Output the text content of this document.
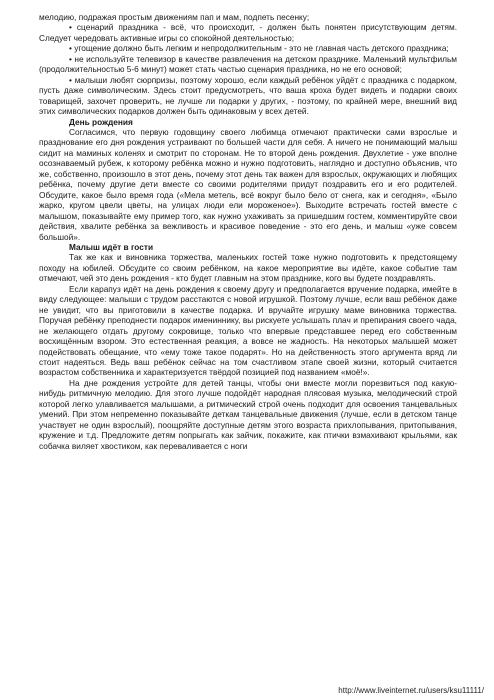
мелодию, подражая простым движениям пап и мам, подпеть песенку;

• сценарий праздника - всё, что происходит, - должен быть понятен присутствующим детям. Следует чередовать активные игры со спокойной деятельностью;

• угощение должно быть легким и непродолжительным - это не главная часть детского праздника;

• не используйте телевизор в качестве развлечения на детском празднике. Маленький мультфильм (продолжительностью 5-6 минут) может стать частью сценария праздника, но не его основой;

• малыши любят сюрпризы, поэтому хорошо, если каждый ребёнок уйдёт с праздника с подарком, пусть даже символическим. Здесь стоит предусмотреть, что ваша кроха будет видеть и подарки своих товарищей, захочет проверить, не лучше ли подарки у других, - поэтому, по крайней мере, внешний вид этих символических подарков должен быть одинаковым у всех детей.

День рождения

Согласимся, что первую годовщину своего любимца отмечают практически сами взрослые и празднование его дня рождения устраивают по большей части для себя. А ничего не понимающий малыш сидит на маминых коленях и смотрит по сторонам. Не то второй день рождения. Двухлетие - уже вполне осознаваемый рубеж, к которому ребёнка можно и нужно подготовить, наглядно и доступно объяснив, что же, собственно, произошло в этот день, почему этот день так важен для взрослых, окружающих и любящих ребёнка, почему другие дети вместе со своими родителями придут поздравить его и его родителей. Обсудите, какое было время года («Мела метель, всё вокруг было бело от снега, как и сегодня», «Было жарко, кругом цвели цветы, на улицах люди ели мороженое»). Выходите встречать гостей вместе с малышом, показывайте ему пример того, как нужно ухаживать за пришедшим гостем, комментируйте свои действия, хвалите ребёнка за вежливость и красивое поведение - это его день, и малыш «уже совсем большой».

Малыш идёт в гости

Так же как и виновника торжества, маленьких гостей тоже нужно подготовить к предстоящему походу на юбилей. Обсудите со своим ребёнком, на какое мероприятие вы идёте, какое событие там отмечают, чей это день рождения - кто будет главным на этом празднике, кого вы будете поздравлять.

Если карапуз идёт на день рождения к своему другу и предполагается вручение подарка, имейте в виду следующее: малыши с трудом расстаются с новой игрушкой. Поэтому лучше, если ваш ребёнок даже не увидит, что вы приготовили в качестве подарка. И вручайте игрушку маме виновника торжества. Поручая ребёнку преподнести подарок имениннику, вы рискуете услышать плач и препирания своего чада, не желающего отдать другому сокровище, только что впервые представшее перед его собственным восхищённым взором. Это естественная реакция, а вовсе не жадность. На некоторых малышей может подействовать обещание, что «ему тоже такое подарят». Но на действенность этого аргумента вряд ли стоит надеяться. Ведь ваш ребёнок сейчас на том счастливом этапе своей жизни, который считается возрастом собственника и характеризуется твёрдой позицией под названием «моё!».

На дне рождения устройте для детей танцы, чтобы они вместе могли порезвиться под какую-нибудь ритмичную мелодию. Для этого лучше подойдёт народная плясовая музыка, мелодический строй которой легко улавливается малышами, а ритмический строй очень подходит для освоения танцевальных умений. При этом непременно показывайте деткам танцевальные движения (лучше, если в детском танце участвует не один взрослый), поощряйте доступные детям этого возраста прихлопывания, притопывания, кружение и т.д. Предложите детям попрыгать как зайчик, покажите, как птички взмахивают крыльями, как собачка виляет хвостиком, как переваливается с ноги

http://www.liveinternet.ru/users/ksu11111/
